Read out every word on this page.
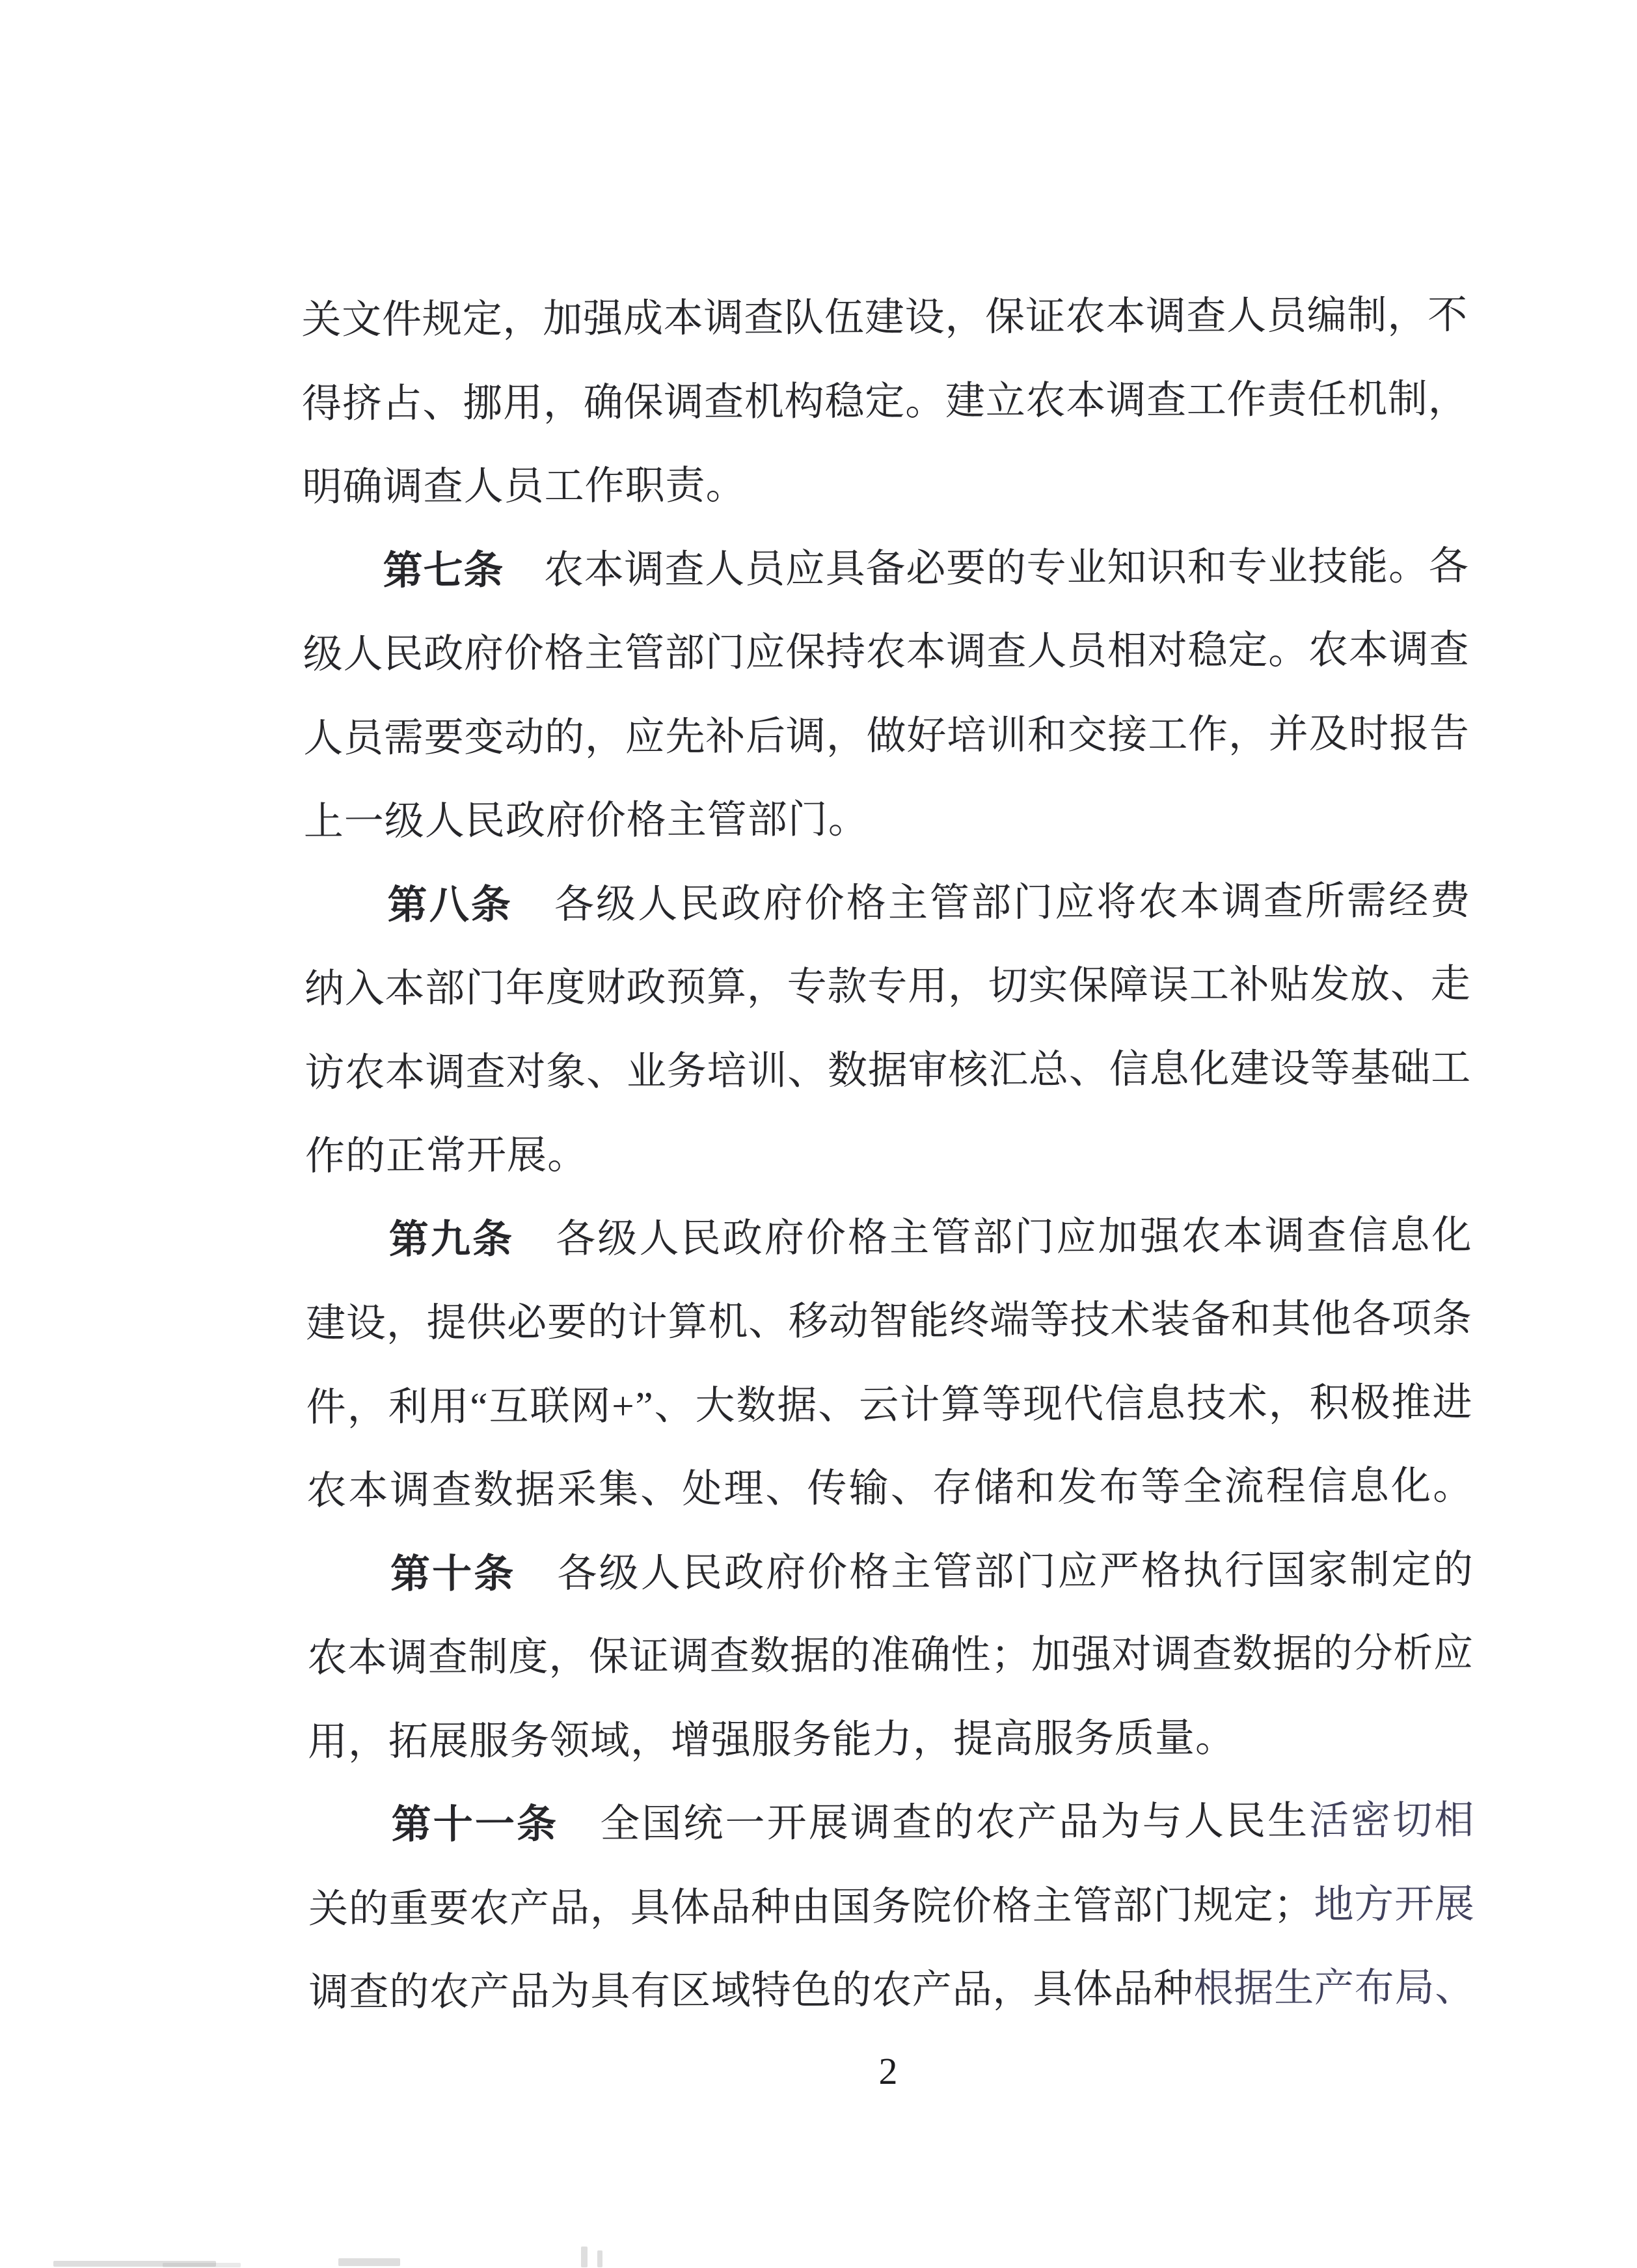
关 文 件 规 定 ， 加 强 成 本 调 查 队 伍 建 设 ， 保 证 农 本 调 查 人 员 编 制 ， 不
得 挤 占 、 挪 用 ， 确 保 调 查 机 构 稳 定 。 建 立 农 本 调 查 工 作 责 任 机 制 ，
明确调查人员工作职责。

第 七 条
　 农 本 调 查 人 员 应 具 备 必 要 的 专 业 知 识 和 专 业 技 能 。 各
级 人 民 政 府 价 格 主 管 部 门 应 保 持 农 本 调 查 人 员 相 对 稳 定 。 农 本 调 查
人 员 需 要 变 动 的 ， 应 先 补 后 调 ， 做 好 培 训 和 交 接 工 作 ， 并 及 时 报 告
上一级人民政府价格主管部门。

第 八 条
　 各 级 人 民 政 府 价 格 主 管 部 门 应 将 农 本 调 查 所 需 经 费
纳 入 本 部 门 年 度 财 政 预 算 ， 专 款 专 用 ， 切 实 保 障 误 工 补 贴 发 放 、 走
访 农 本 调 查 对 象 、 业 务 培 训 、 数 据 审 核 汇 总 、 信 息 化 建 设 等 基 础 工
作的正常开展。

第 九 条
　 各 级 人 民 政 府 价 格 主 管 部 门 应 加 强 农 本 调 查 信 息 化
建 设 ， 提 供 必 要 的 计 算 机 、 移 动 智 能 终 端 等 技 术 装 备 和 其 他 各 项 条
件 ， 利 用 “ 互 联 网 + ” 、 大 数 据 、 云 计 算 等 现 代 信 息 技 术 ， 积 极 推 进
农 本 调 查 数 据 采 集 、 处 理 、 传 输 、 存 储 和 发 布 等 全 流 程 信 息 化 。

第 十 条
　 各 级 人 民 政 府 价 格 主 管 部 门 应 严 格 执 行 国 家 制 定 的
农 本 调 查 制 度 ， 保 证 调 查 数 据 的 准 确 性 ； 加 强 对 调 查 数 据 的 分 析 应
用，拓展服务领域，增强服务能力，提高服务质量。

第 十 一 条
　 全 国 统 一 开 展 调 查 的 农 产 品 为 与 人 民 生 活 密 切 相
关 的 重 要 农 产 品 ， 具 体 品 种 由 国 务 院 价 格 主 管 部 门 规 定 ； 地 方 开 展
调 查 的 农 产 品 为 具 有 区 域 特 色 的 农 产 品 ， 具 体 品 种 根 据 生 产 布 局 、
2
